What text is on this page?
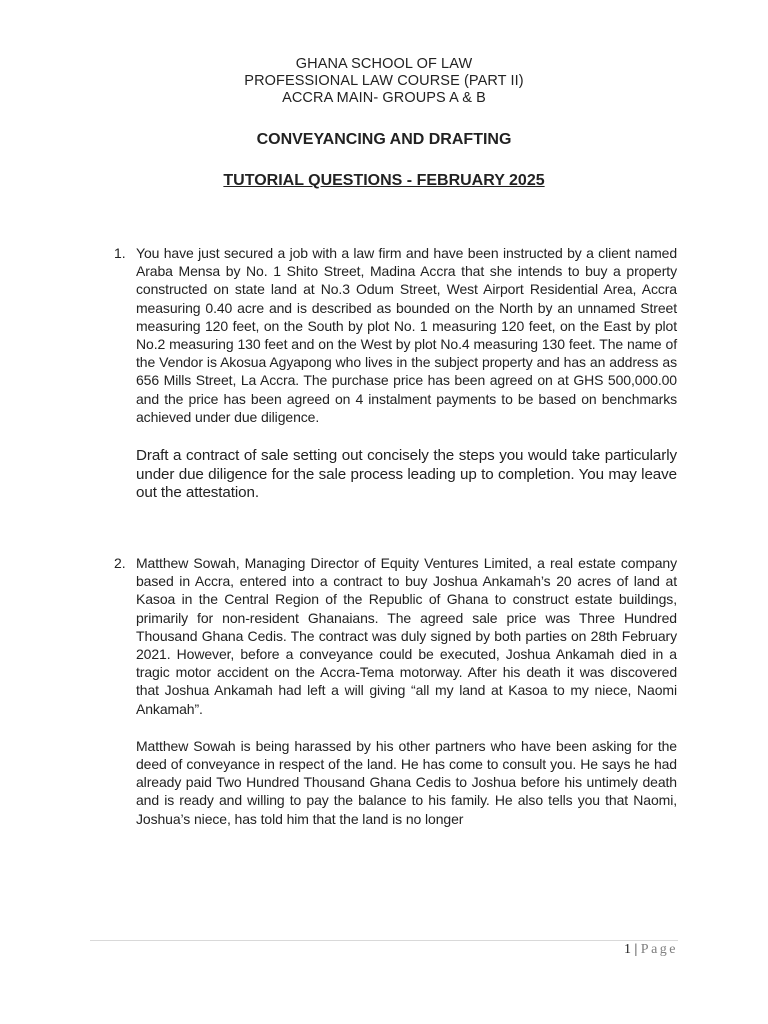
GHANA SCHOOL OF LAW
PROFESSIONAL LAW COURSE (PART II)
ACCRA MAIN- GROUPS A & B
CONVEYANCING AND DRAFTING
TUTORIAL QUESTIONS - FEBRUARY 2025
1. You have just secured a job with a law firm and have been instructed by a client named Araba Mensa by No. 1 Shito Street, Madina Accra that she intends to buy a property constructed on state land at No.3 Odum Street, West Airport Residential Area, Accra measuring 0.40 acre and is described as bounded on the North by an unnamed Street measuring 120 feet, on the South by plot No. 1 measuring 120 feet, on the East by plot No.2 measuring 130 feet and on the West by plot No.4 measuring 130 feet. The name of the Vendor is Akosua Agyapong who lives in the subject property and has an address as 656 Mills Street, La Accra. The purchase price has been agreed on at GHS 500,000.00 and the price has been agreed on 4 instalment payments to be based on benchmarks achieved under due diligence.

Draft a contract of sale setting out concisely the steps you would take particularly under due diligence for the sale process leading up to completion. You may leave out the attestation.

2. Matthew Sowah, Managing Director of Equity Ventures Limited, a real estate company based in Accra, entered into a contract to buy Joshua Ankamah’s 20 acres of land at Kasoa in the Central Region of the Republic of Ghana to construct estate buildings, primarily for non-resident Ghanaians. The agreed sale price was Three Hundred Thousand Ghana Cedis. The contract was duly signed by both parties on 28th February 2021. However, before a conveyance could be executed, Joshua Ankamah died in a tragic motor accident on the Accra-Tema motorway. After his death it was discovered that Joshua Ankamah had left a will giving “all my land at Kasoa to my niece, Naomi Ankamah”.

Matthew Sowah is being harassed by his other partners who have been asking for the deed of conveyance in respect of the land. He has come to consult you. He says he had already paid Two Hundred Thousand Ghana Cedis to Joshua before his untimely death and is ready and willing to pay the balance to his family. He also tells you that Naomi, Joshua’s niece, has told him that the land is no longer

1 | Page
